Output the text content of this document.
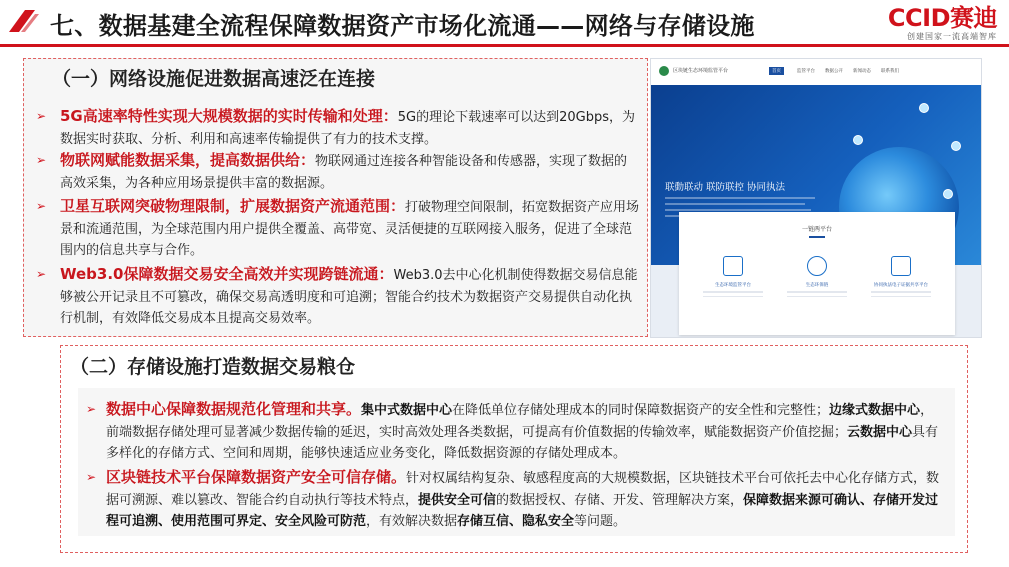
七、数据基建全流程保障数据资产市场化流通——网络与存储设施	CCID赛迪
创建国家一流高端智库
（一）网络设施促进数据高速泛在连接
➢ 5G高速率特性实现大规模数据的实时传输和处理：5G的理论下载速率可以达到20Gbps，为数据实时获取、分析、利用和高速率传输提供了有力的技术支撑。
➢ 物联网赋能数据采集，提高数据供给：物联网通过连接各种智能设备和传感器，实现了数据的高效采集，为各种应用场景提供丰富的数据源。
➢ 卫星互联网突破物理限制，扩展数据资产流通范围：打破物理空间限制，拓宽数据资产应用场景和流通范围，为全球范围内用户提供全覆盖、高带宽、灵活便捷的互联网接入服务，促进了全球范围内的信息共享与合作。
➢ Web3.0保障数据交易安全高效并实现跨链流通：Web3.0去中心化机制使得数据交易信息能够被公开记录且不可篡改，确保交易高透明度和可追溯；智能合约技术为数据资产交易提供自动化执行机制，有效降低交易成本且提高交易效率。
区块链生态环境监管平台	首页	监管平台 数据公开 新闻动态 联系我们
联動联动 联防联控 协同执法
一链两平台
生态环境监管平台	生态环保链	协同执法电子证据共享平台
（二）存储设施打造数据交易粮仓
➢ 数据中心保障数据规范化管理和共享。集中式数据中心在降低单位存储处理成本的同时保障数据资产的安全性和完整性；边缘式数据中心，前端数据存储处理可显著减少数据传输的延迟，实时高效处理各类数据，可提高有价值数据的传输效率，赋能数据资产价值挖掘；云数据中心具有多样化的存储方式、空间和周期，能够快速适应业务变化，降低数据资源的存储处理成本。
➢ 区块链技术平台保障数据资产安全可信存储。针对权属结构复杂、敏感程度高的大规模数据，区块链技术平台可依托去中心化存储方式，数据可溯源、难以篡改、智能合约自动执行等技术特点，提供安全可信的数据授权、存储、开发、管理解决方案，保障数据来源可确认、存储开发过程可追溯、使用范围可界定、安全风险可防范，有效解决数据存储互信、隐私安全等问题。
